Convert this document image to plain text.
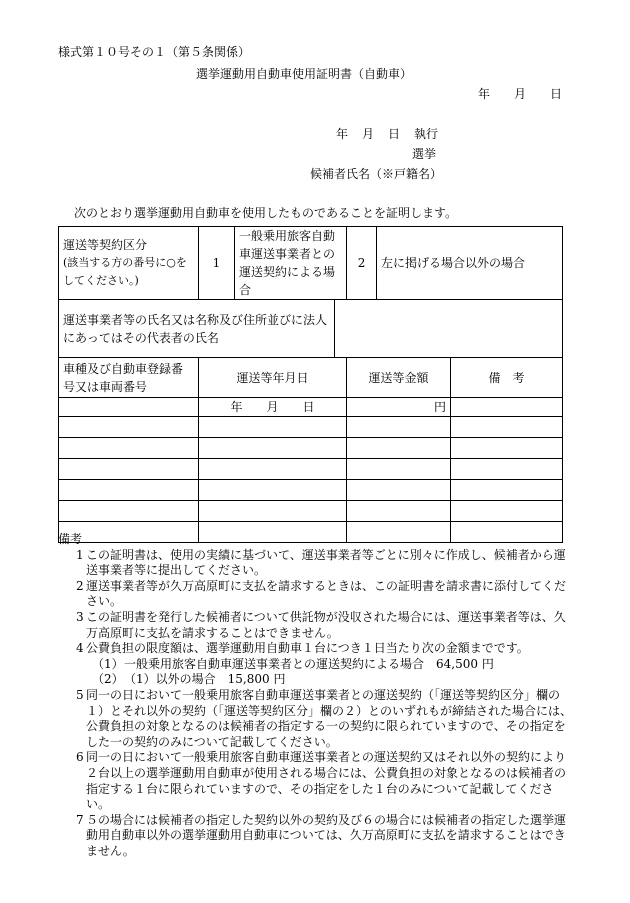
様式第１０号その１（第５条関係）
選挙運動用自動車使用証明書（自動車）
年 月 日
年 月 日 執行
選挙
候補者氏名（※戸籍名）
次のとおり選挙運動用自動車を使用したものであることを証明します。
運送等契約区分
(該当する方の番号に○をしてください。)	1	一般乗用旅客自動車運送事業者との運送契約による場合		2	左に掲げる場合以外の場合	
運送事業者等の氏名又は名称及び住所並びに法人にあってはその代表者の氏名						
車種及び自動車登録番号又は車両番号	運送等年月日			運送等金額		備　考
	年 月 日			円		

備考
1 この証明書は、使用の実績に基づいて、運送事業者等ごとに別々に作成し、候補者から運送事業者等に提出してください。
2 運送事業者等が久万高原町に支払を請求するときは、この証明書を請求書に添付してください。
3 この証明書を発行した候補者について供託物が没収された場合には、運送事業者等は、久万高原町に支払を請求することはできません。
4 公費負担の限度額は、選挙運動用自動車１台につき１日当たり次の金額までです。
（1） 一般乗用旅客自動車運送事業者との運送契約による場合　 64,500 円
（2） （1）以外の場合　 15,800 円
5 同一の日において一般乗用旅客自動車運送事業者との運送契約（「運送等契約区分」欄の１）とそれ以外の契約（「運送等契約区分」欄の２）とのいずれもが締結された場合には、公費負担の対象となるのは候補者の指定する一の契約に限られていますので、その指定をした一の契約のみについて記載してください。
6 同一の日において一般乗用旅客自動車運送事業者との運送契約又はそれ以外の契約により２台以上の選挙運動用自動車が使用される場合には、公費負担の対象となるのは候補者の指定する１台に限られていますので、その指定をした１台のみについて記載してください。
7 ５の場合には候補者の指定した契約以外の契約及び６の場合には候補者の指定した選挙運動用自動車以外の選挙運動用自動車については、久万高原町に支払を請求することはできません。
